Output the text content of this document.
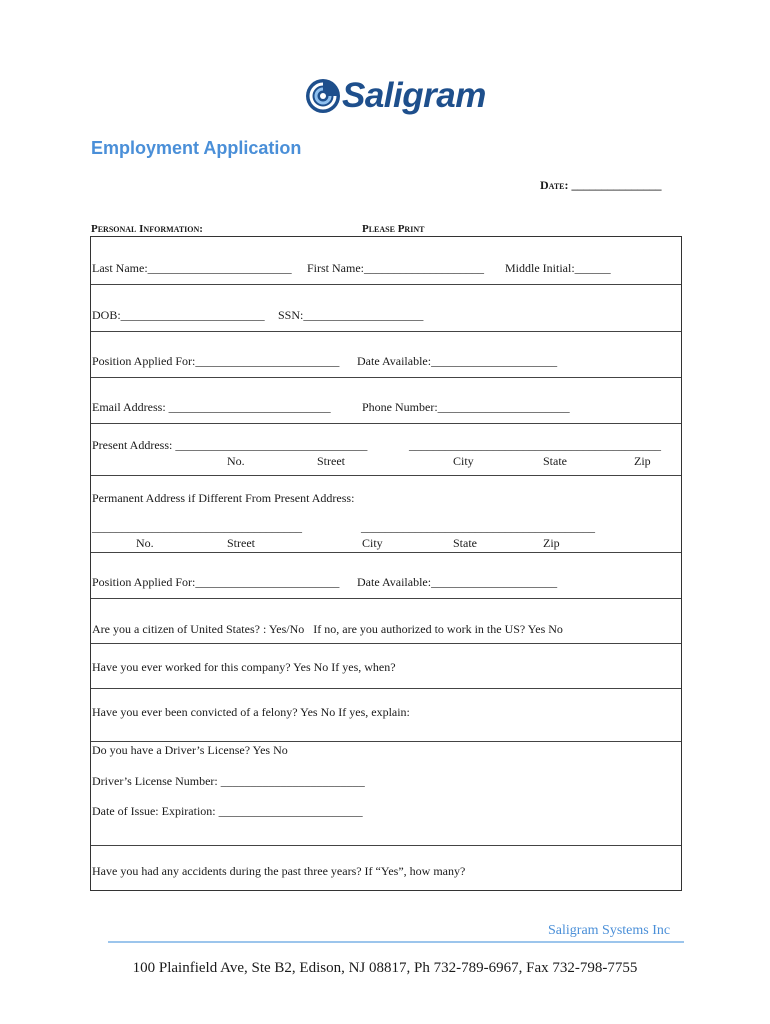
Saligram
Employment Application
Date: _______________
Personal Information:	Please Print
Last Name:________________________ First Name:____________________ Middle Initial:______
DOB:________________________ SSN:____________________
Position Applied For:________________________ Date Available:_____________________
Email Address: ___________________________	Phone Number:______________________
Present Address: ________________________________	__________________________________________
No.	Street	City	State	Zip
Permanent Address if Different From Present Address:
___________________________________	_______________________________________
No.	Street	City	State	Zip
Position Applied For:________________________ Date Available:_____________________
Are you a citizen of United States? : Yes/No   If no, are you authorized to work in the US? Yes No
Have you ever worked for this company? Yes No If yes, when?
Have you ever been convicted of a felony? Yes No If yes, explain:
Do you have a Driver’s License? Yes No
Driver’s License Number: ________________________
Date of Issue: Expiration: ________________________
Have you had any accidents during the past three years? If “Yes”, how many?
Saligram Systems Inc
100 Plainfield Ave, Ste B2, Edison, NJ 08817, Ph 732-789-6967, Fax 732-798-7755
